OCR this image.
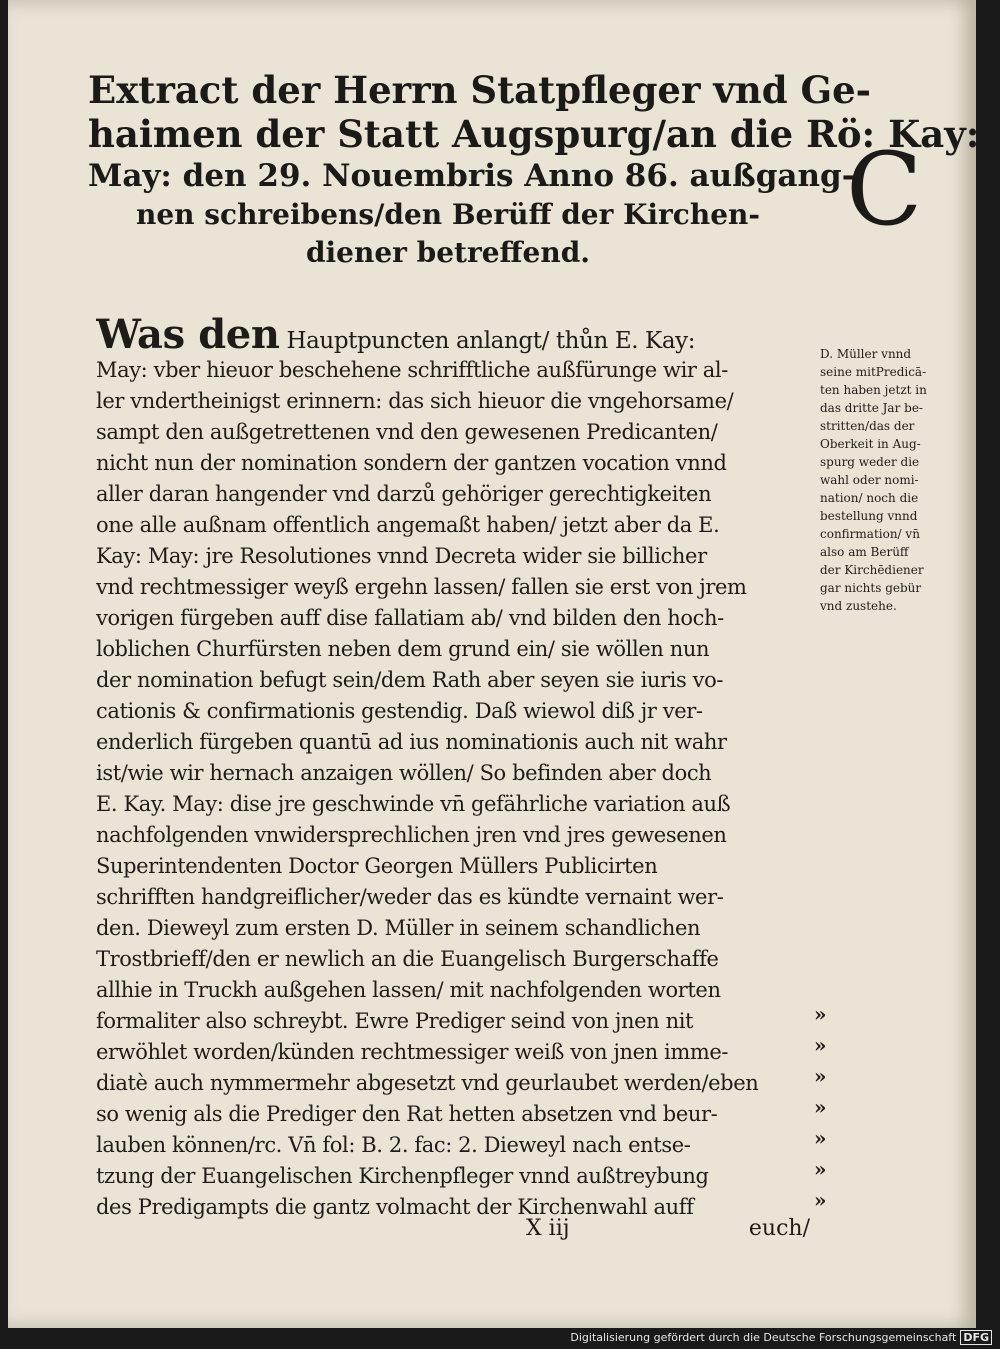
Extract der Herrn Statpfleger vnd Ge-
haimen der Statt Augspurg/an die Rö: Kay:
May: den 29. Nouembris Anno 86. außgang-
nen schreibens/den Berüff der Kirchen-
diener betreffend.
C
Was den Hauptpuncten anlangt/ thůn E. Kay:
May: vber hieuor beschehene schrifftliche außfürunge wir al-
ler vndertheinigst erinnern: das sich hieuor die vngehorsame/
sampt den außgetrettenen vnd den gewesenen Predicanten/
nicht nun der nomination sondern der gantzen vocation vnnd
aller daran hangender vnd darzů gehöriger gerechtigkeiten
one alle außnam offentlich angemaßt haben/ jetzt aber da E.
Kay: May: jre Resolutiones vnnd Decreta wider sie billicher
vnd rechtmessiger weyß ergehn lassen/ fallen sie erst von jrem
vorigen fürgeben auff dise fallatiam ab/ vnd bilden den hoch-
loblichen Churfürsten neben dem grund ein/ sie wöllen nun
der nomination befugt sein/dem Rath aber seyen sie iuris vo-
cationis & confirmationis gestendig. Daß wiewol diß jr ver-
enderlich fürgeben quantū ad ius nominationis auch nit wahr
ist/wie wir hernach anzaigen wöllen/ So befinden aber doch
E. Kay. May: dise jre geschwinde vn̄ gefährliche variation auß
nachfolgenden vnwidersprechlichen jren vnd jres gewesenen
Superintendenten Doctor Georgen Müllers Publicirten
schrifften handgreiflicher/weder das es kündte vernaint wer-
den. Dieweyl zum ersten D. Müller in seinem schandlichen
Trostbrieff/den er newlich an die Euangelisch Burgerschaffe
allhie in Truckh außgehen lassen/ mit nachfolgenden worten
formaliter also schreybt. Ewre Prediger seind von jnen nit
erwöhlet worden/künden rechtmessiger weiß von jnen imme-
diatè auch nymmermehr abgesetzt vnd geurlaubet werden/eben
so wenig als die Prediger den Rat hetten absetzen vnd beur-
lauben können/rc. Vn̄ fol: B. 2. fac: 2. Dieweyl nach entse-
tzung der Euangelischen Kirchenpfleger vnnd außtreybung
des Predigampts die gantz volmacht der Kirchenwahl auff
D. Müller vnnd
seine mitPredicā-
ten haben jetzt in
das dritte Jar be-
stritten/das der
Oberkeit in Aug-
spurg weder die
wahl oder nomi-
nation/ noch die
bestellung vnnd
confirmation/ vn̄
also am Berüff
der Kirchēdiener
gar nichts gebür
vnd zustehe.
»
»
»
»
»
»
»
X iij	euch/
Digitalisierung gefördert durch die Deutsche Forschungsgemeinschaft DFG
